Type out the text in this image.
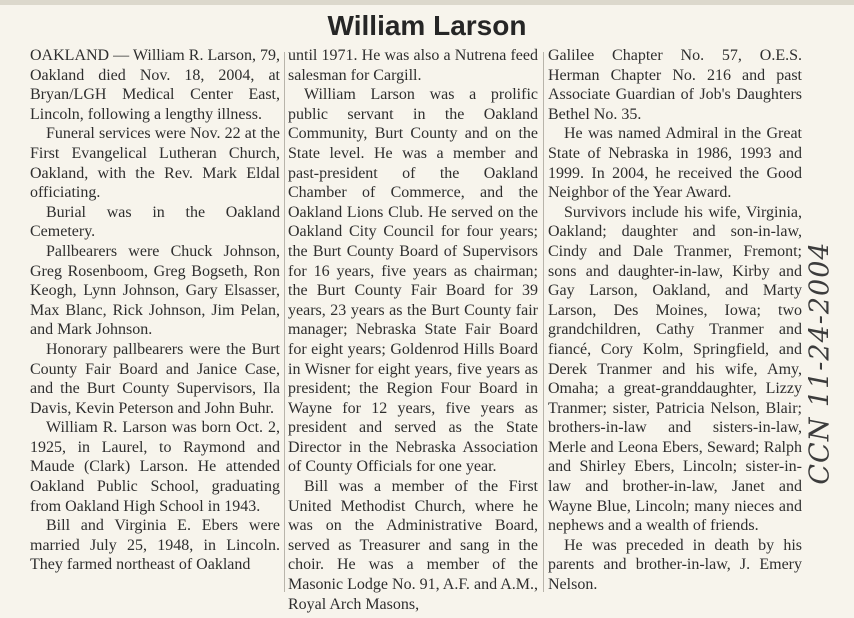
William Larson

OAKLAND — William R. Larson, 79, Oakland died Nov. 18, 2004, at Bryan/LGH Medical Center East, Lincoln, following a lengthy illness.

Funeral services were Nov. 22 at the First Evangelical Lutheran Church, Oakland, with the Rev. Mark Eldal officiating.

Burial was in the Oakland Cemetery.

Pallbearers were Chuck Johnson, Greg Rosenboom, Greg Bogseth, Ron Keogh, Lynn Johnson, Gary Elsasser, Max Blanc, Rick Johnson, Jim Pelan, and Mark Johnson.

Honorary pallbearers were the Burt County Fair Board and Janice Case, and the Burt County Supervisors, Ila Davis, Kevin Peterson and John Buhr.

William R. Larson was born Oct. 2, 1925, in Laurel, to Raymond and Maude (Clark) Larson. He attended Oakland Public School, graduating from Oakland High School in 1943.

Bill and Virginia E. Ebers were married July 25, 1948, in Lincoln. They farmed northeast of Oakland

until 1971. He was also a Nutrena feed salesman for Cargill.

William Larson was a prolific public servant in the Oakland Community, Burt County and on the State level. He was a member and past-president of the Oakland Chamber of Commerce, and the Oakland Lions Club. He served on the Oakland City Council for four years; the Burt County Board of Supervisors for 16 years, five years as chairman; the Burt County Fair Board for 39 years, 23 years as the Burt County fair manager; Nebraska State Fair Board for eight years; Goldenrod Hills Board in Wisner for eight years, five years as president; the Region Four Board in Wayne for 12 years, five years as president and served as the State Director in the Nebraska Association of County Officials for one year.

Bill was a member of the First United Methodist Church, where he was on the Administrative Board, served as Treasurer and sang in the choir. He was a member of the Masonic Lodge No. 91, A.F. and A.M., Royal Arch Masons,

Galilee Chapter No. 57, O.E.S. Herman Chapter No. 216 and past Associate Guardian of Job's Daughters Bethel No. 35.

He was named Admiral in the Great State of Nebraska in 1986, 1993 and 1999. In 2004, he received the Good Neighbor of the Year Award.

Survivors include his wife, Virginia, Oakland; daughter and son-in-law, Cindy and Dale Tranmer, Fremont; sons and daughter-in-law, Kirby and Gay Larson, Oakland, and Marty Larson, Des Moines, Iowa; two grandchildren, Cathy Tranmer and fiancé, Cory Kolm, Springfield, and Derek Tranmer and his wife, Amy, Omaha; a great-granddaughter, Lizzy Tranmer; sister, Patricia Nelson, Blair; brothers-in-law and sisters-in-law, Merle and Leona Ebers, Seward; Ralph and Shirley Ebers, Lincoln; sister-in-law and brother-in-law, Janet and Wayne Blue, Lincoln; many nieces and nephews and a wealth of friends.

He was preceded in death by his parents and brother-in-law, J. Emery Nelson.

CCN 11-24-2004
